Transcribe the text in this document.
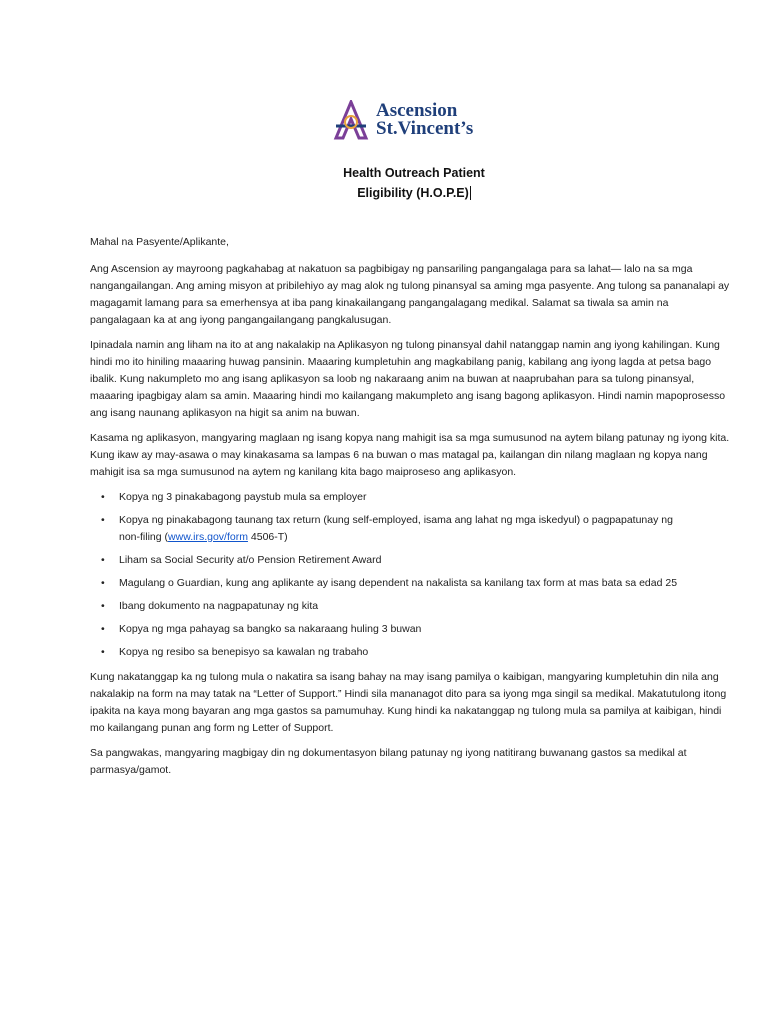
Ascension
St.Vincent’s
Health Outreach Patient
Eligibility (H.O.P.E)

Mahal na Pasyente/Aplikante,

Ang Ascension ay mayroong pagkahabag at nakatuon sa pagbibigay ng pansariling pangangalaga para sa lahat— lalo na sa mga nangangailangan. Ang aming misyon at pribilehiyo ay mag alok ng tulong pinansyal sa aming mga pasyente. Ang tulong sa pananalapi ay magagamit lamang para sa emerhensya at iba pang kinakailangang pangangalagang medikal. Salamat sa tiwala sa amin na pangalagaan ka at ang iyong pangangailangang pangkalusugan.

Ipinadala namin ang liham na ito at ang nakalakip na Aplikasyon ng tulong pinansyal dahil natanggap namin ang iyong kahilingan. Kung hindi mo ito hiniling maaaring huwag pansinin. Maaaring kumpletuhin ang magkabilang panig, kabilang ang iyong lagda at petsa bago ibalik. Kung nakumpleto mo ang isang aplikasyon sa loob ng nakaraang anim na buwan at naaprubahan para sa tulong pinansyal, maaaring ipagbigay alam sa amin. Maaaring hindi mo kailangang makumpleto ang isang bagong aplikasyon. Hindi namin mapoprosesso ang isang naunang aplikasyon na higit sa anim na buwan.

Kasama ng aplikasyon, mangyaring maglaan ng isang kopya nang mahigit isa sa mga sumusunod na aytem bilang patunay ng iyong kita. Kung ikaw ay may-asawa o may kinakasama sa lampas 6 na buwan o mas matagal pa, kailangan din nilang maglaan ng kopya nang mahigit isa sa mga sumusunod na aytem ng kanilang kita bago maiproseso ang aplikasyon.

• Kopya ng 3 pinakabagong paystub mula sa employer
• Kopya ng pinakabagong taunang tax return (kung self-employed, isama ang lahat ng mga iskedyul) o pagpapatunay ng non-filing (www.irs.gov/form 4506-T)
• Liham sa Social Security at/o Pension Retirement Award
• Magulang o Guardian, kung ang aplikante ay isang dependent na nakalista sa kanilang tax form at mas bata sa edad 25
• Ibang dokumento na nagpapatunay ng kita
• Kopya ng mga pahayag sa bangko sa nakaraang huling 3 buwan
• Kopya ng resibo sa benepisyo sa kawalan ng trabaho

Kung nakatanggap ka ng tulong mula o nakatira sa isang bahay na may isang pamilya o kaibigan, mangyaring kumpletuhin din nila ang nakalakip na form na may tatak na “Letter of Support.” Hindi sila mananagot dito para sa iyong mga singil sa medikal. Makatutulong itong ipakita na kaya mong bayaran ang mga gastos sa pamumuhay. Kung hindi ka nakatanggap ng tulong mula sa pamilya at kaibigan, hindi mo kailangang punan ang form ng Letter of Support.

Sa pangwakas, mangyaring magbigay din ng dokumentasyon bilang patunay ng iyong natitirang buwanang gastos sa medikal at parmasya/gamot.
